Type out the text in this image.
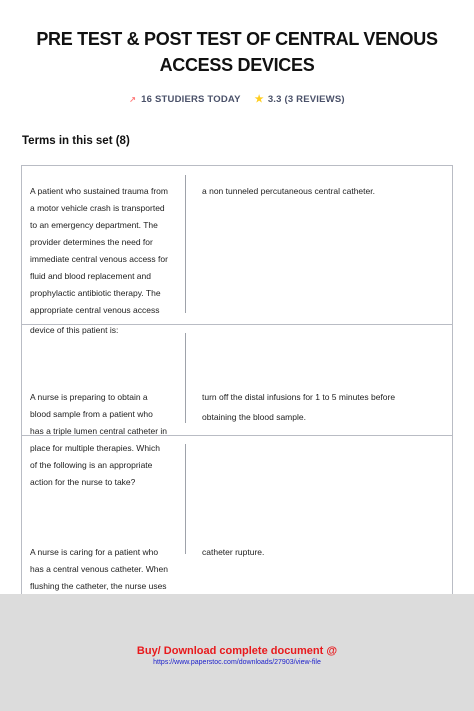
PRE TEST & POST TEST OF CENTRAL VENOUS
ACCESS DEVICES
↗ 16 STUDIERS TODAY ★ 3.3 (3 REVIEWS)
Terms in this set (8)
A patient who sustained trauma from
a motor vehicle crash is transported
to an emergency department. The
provider determines the need for
immediate central venous access for
fluid and blood replacement and
prophylactic antibiotic therapy. The
appropriate central venous access
device of this patient is:
a non tunneled percutaneous central catheter.
A nurse is preparing to obtain a
blood sample from a patient who
has a triple lumen central catheter in
place for multiple therapies. Which
of the following is an appropriate
action for the nurse to take?
turn off the distal infusions for 1 to 5 minutes before
obtaining the blood sample.
A nurse is caring for a patient who
has a central venous catheter. When
flushing the catheter, the nurse uses
catheter rupture.
Buy/ Download complete document @
https://www.paperstoc.com/downloads/27903/view-file
